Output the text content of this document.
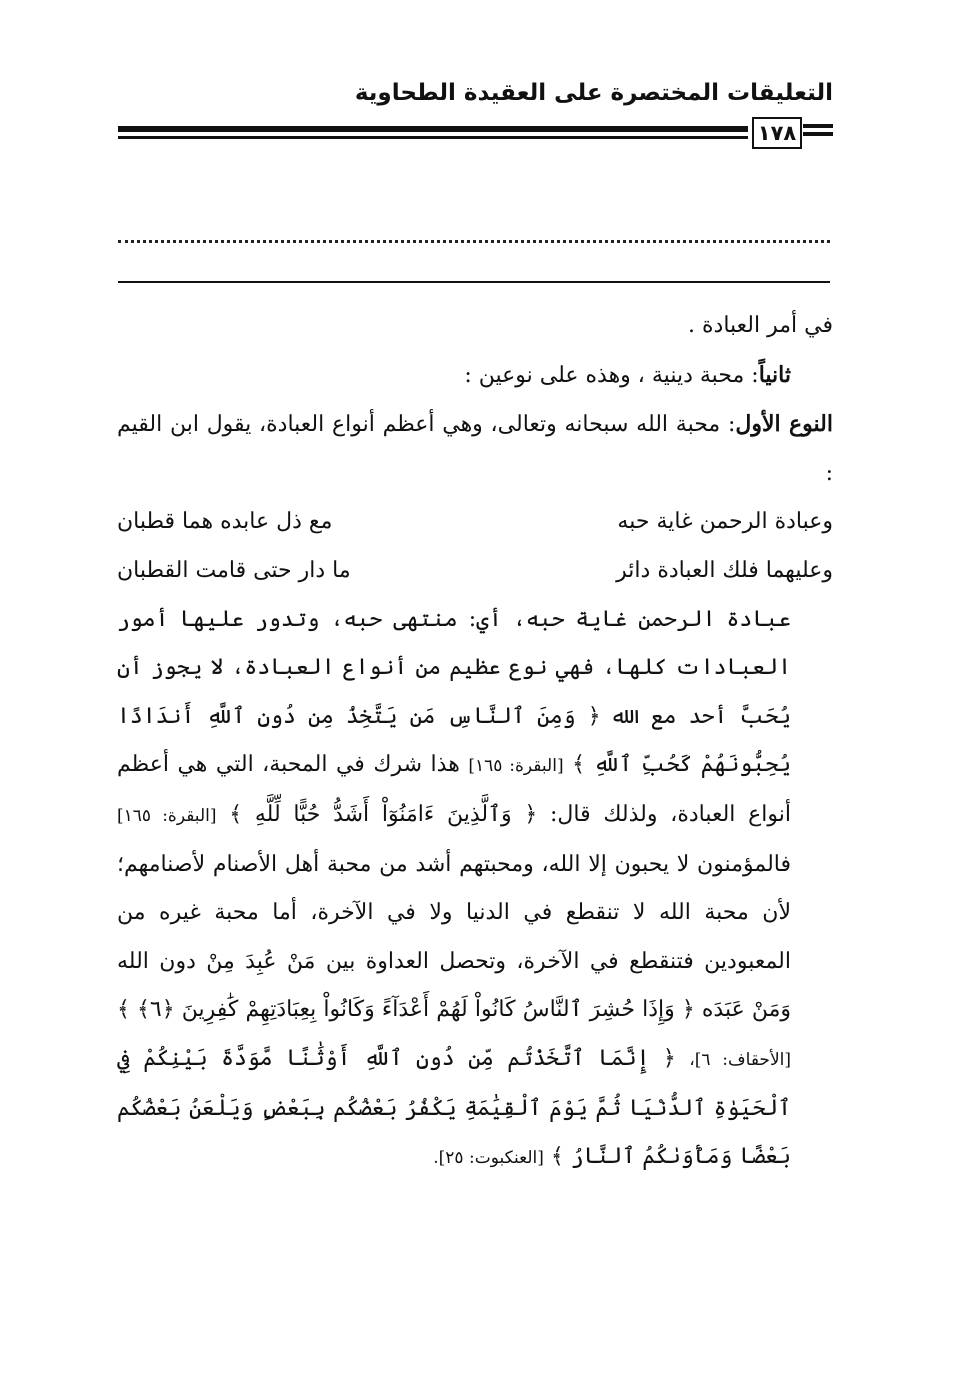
التعليقات المختصرة على العقيدة الطحاوية
١٧٨

في أمر العبادة .

ثانياً: محبة دينية ، وهذه على نوعين :

النوع الأول: محبة الله سبحانه وتعالى، وهي أعظم أنواع العبادة، يقول ابن القيم :

وعبادة الرحمن غاية حبه
مع ذل عابده هما قطبان
وعليهما فلك العبادة دائر
ما دار حتى قامت القطبان

عبادة الرحمن غاية حبه، أي: منتهى حبه، وتدور عليها أمور العبادات كلها، فهي نوع عظيم من أنواع العبادة، لا يجوز أن يُحَبَّ أحد مع الله ﴿ وَمِنَ ٱلنَّاسِ مَن يَتَّخِذُ مِن دُونِ ٱللَّهِ أَندَادًا يُحِبُّونَهُمْ كَحُبِّ ٱللَّهِ ﴾ [البقرة: ١٦٥] هذا شرك في المحبة، التي هي أعظم أنواع العبادة، ولذلك قال: ﴿ وَٱلَّذِينَ ءَامَنُوٓاْ أَشَدُّ حُبًّا لِّلَّهِ ﴾ [البقرة: ١٦٥] فالمؤمنون لا يحبون إلا الله، ومحبتهم أشد من محبة أهل الأصنام لأصنامهم؛ لأن محبة الله لا تنقطع في الدنيا ولا في الآخرة، أما محبة غيره من المعبودين فتنقطع في الآخرة، وتحصل العداوة بين مَنْ عُبِدَ مِنْ دون الله وَمَنْ عَبَدَه ﴿ وَإِذَا حُشِرَ ٱلنَّاسُ كَانُواْ لَهُمْ أَعْدَآءً وَكَانُواْ بِعِبَادَتِهِمْ كَٰفِرِينَ ﴿٦﴾ ﴾ [الأحقاف: ٦]، ﴿ إِنَّمَا ٱتَّخَذْتُم مِّن دُونِ ٱللَّهِ أَوْثَٰنًا مَّوَدَّةَ بَيْنِكُمْ فِي ٱلْحَيَوٰةِ ٱلدُّنْيَا ثُمَّ يَوْمَ ٱلْقِيَٰمَةِ يَكْفُرُ بَعْضُكُم بِبَعْضٍ وَيَلْعَنُ بَعْضُكُم بَعْضًا وَمَأْوَىٰكُمُ ٱلنَّارُ ﴾ [العنكبوت: ٢٥].
